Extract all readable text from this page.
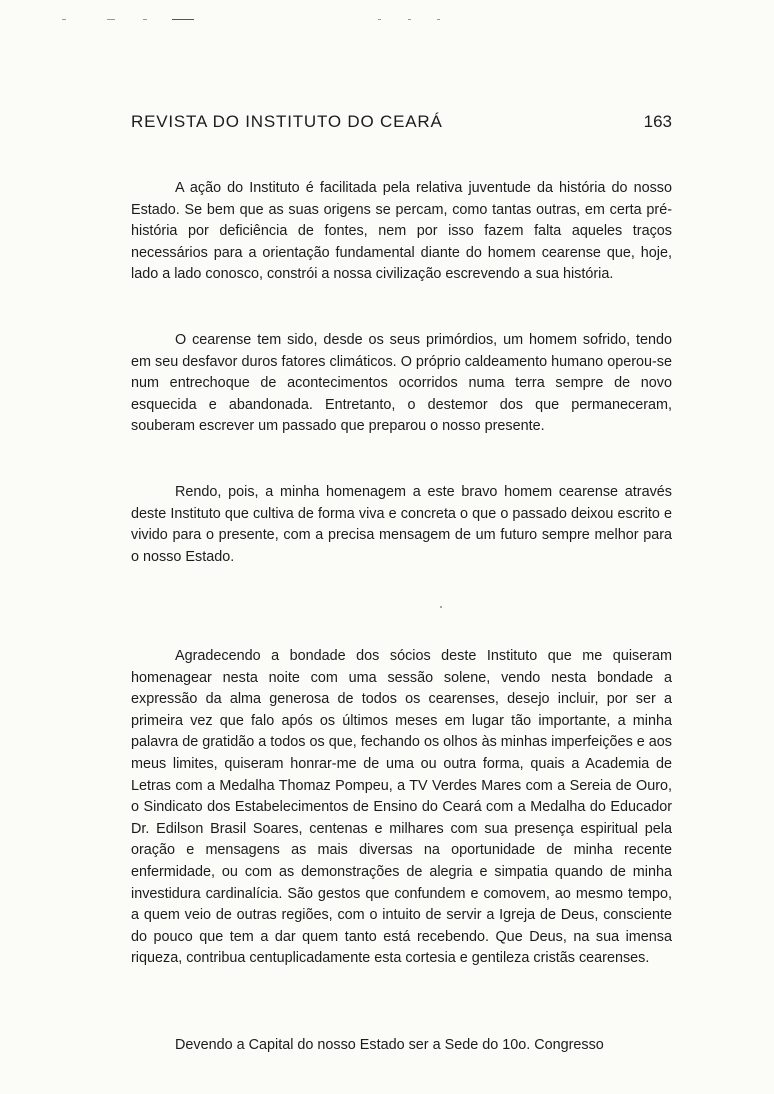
REVISTA DO INSTITUTO DO CEARÁ	163

A ação do Instituto é facilitada pela relativa juventude da história do nosso Estado. Se bem que as suas origens se percam, como tantas outras, em certa pré-história por deficiência de fontes, nem por isso fazem falta aqueles traços necessários para a orientação fundamental diante do homem cearense que, hoje, lado a lado conosco, constrói a nossa civilização escrevendo a sua história.

O cearense tem sido, desde os seus primórdios, um homem sofrido, tendo em seu desfavor duros fatores climáticos. O próprio caldeamento humano operou-se num entrechoque de acontecimentos ocorridos numa terra sempre de novo esquecida e abandonada. Entretanto, o destemor dos que permaneceram, souberam escrever um passado que preparou o nosso presente.

Rendo, pois, a minha homenagem a este bravo homem cearense através deste Instituto que cultiva de forma viva e concreta o que o passado deixou escrito e vivido para o presente, com a precisa mensagem de um futuro sempre melhor para o nosso Estado.

Agradecendo a bondade dos sócios deste Instituto que me quiseram homenagear nesta noite com uma sessão solene, vendo nesta bondade a expressão da alma generosa de todos os cearenses, desejo incluir, por ser a primeira vez que falo após os últimos meses em lugar tão importante, a minha palavra de gratidão a todos os que, fechando os olhos às minhas imperfeições e aos meus limites, quiseram honrar-me de uma ou outra forma, quais a Academia de Letras com a Medalha Thomaz Pompeu, a TV Verdes Mares com a Sereia de Ouro, o Sindicato dos Estabelecimentos de Ensino do Ceará com a Medalha do Educador Dr. Edilson Brasil Soares, centenas e milhares com sua presença espiritual pela oração e mensagens as mais diversas na oportunidade de minha recente enfermidade, ou com as demonstrações de alegria e simpatia quando de minha investidura cardinalícia. São gestos que confundem e comovem, ao mesmo tempo, a quem veio de outras regiões, com o intuito de servir a Igreja de Deus, consciente do pouco que tem a dar quem tanto está recebendo. Que Deus, na sua imensa riqueza, contribua centuplicadamente esta cortesia e gentileza cristãs cearenses.

Devendo a Capital do nosso Estado ser a Sede do 10o. Congresso
